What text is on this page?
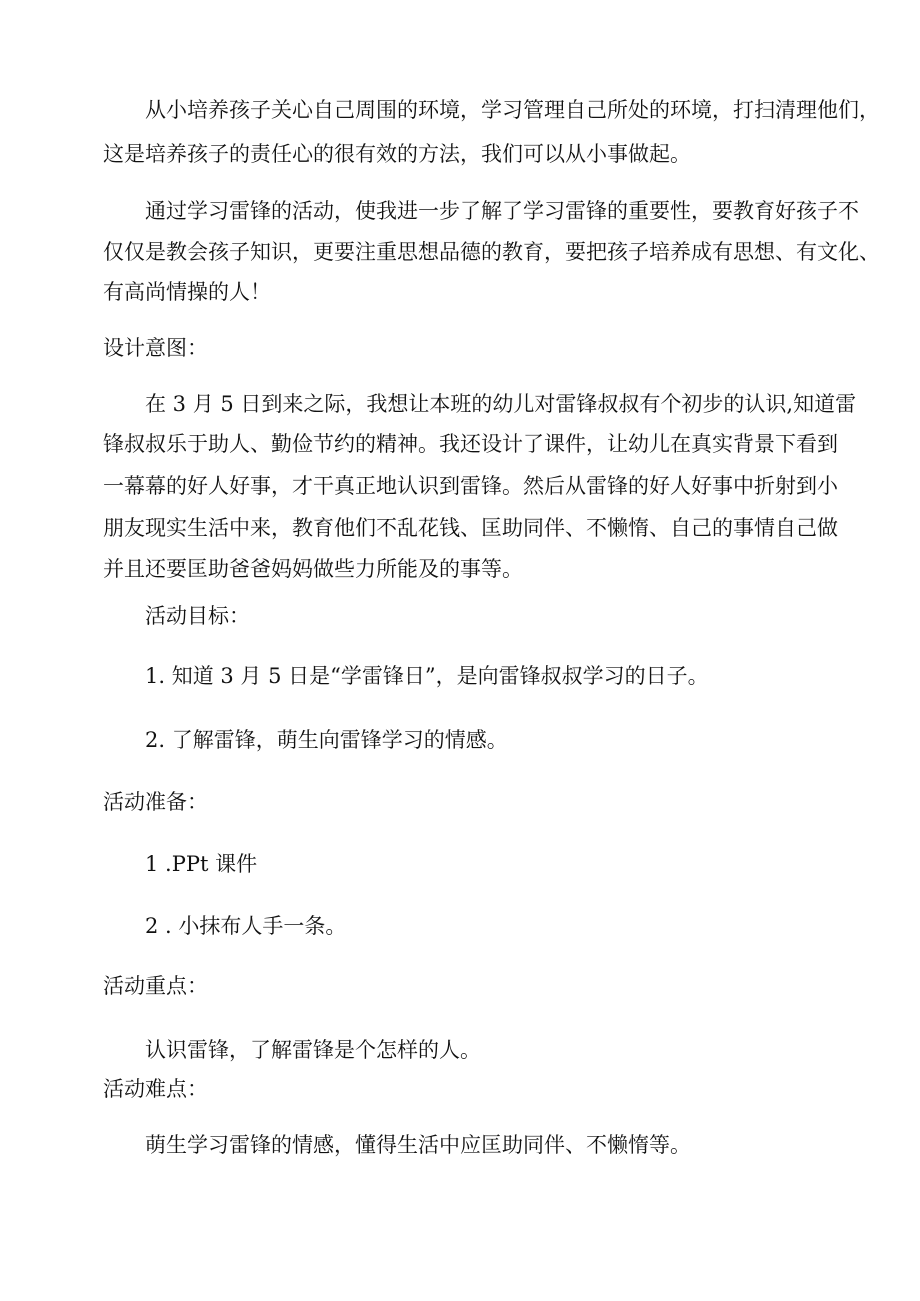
从小培养孩子关心自己周围的环境，学习管理自己所处的环境，打扫清理他们，
这是培养孩子的责任心的很有效的方法，我们可以从小事做起。
通过学习雷锋的活动，使我进一步了解了学习雷锋的重要性，要教育好孩子不
仅仅是教会孩子知识，更要注重思想品德的教育，要把孩子培养成有思想、有文化、
有高尚情操的人！
设计意图：
在 3 月 5 日到来之际，我想让本班的幼儿对雷锋叔叔有个初步的认识,知道雷
锋叔叔乐于助人、勤俭节约的精神。我还设计了课件，让幼儿在真实背景下看到
一幕幕的好人好事，才干真正地认识到雷锋。然后从雷锋的好人好事中折射到小
朋友现实生活中来，教育他们不乱花钱、匡助同伴、不懒惰、自己的事情自己做
并且还要匡助爸爸妈妈做些力所能及的事等。
活动目标：
1. 知道 3 月 5 日是“学雷锋日”，是向雷锋叔叔学习的日子。
2. 了解雷锋，萌生向雷锋学习的情感。
活动准备：
1 .PPt 课件
2 . 小抹布人手一条。
活动重点：
认识雷锋，了解雷锋是个怎样的人。
活动难点：
萌生学习雷锋的情感，懂得生活中应匡助同伴、不懒惰等。
